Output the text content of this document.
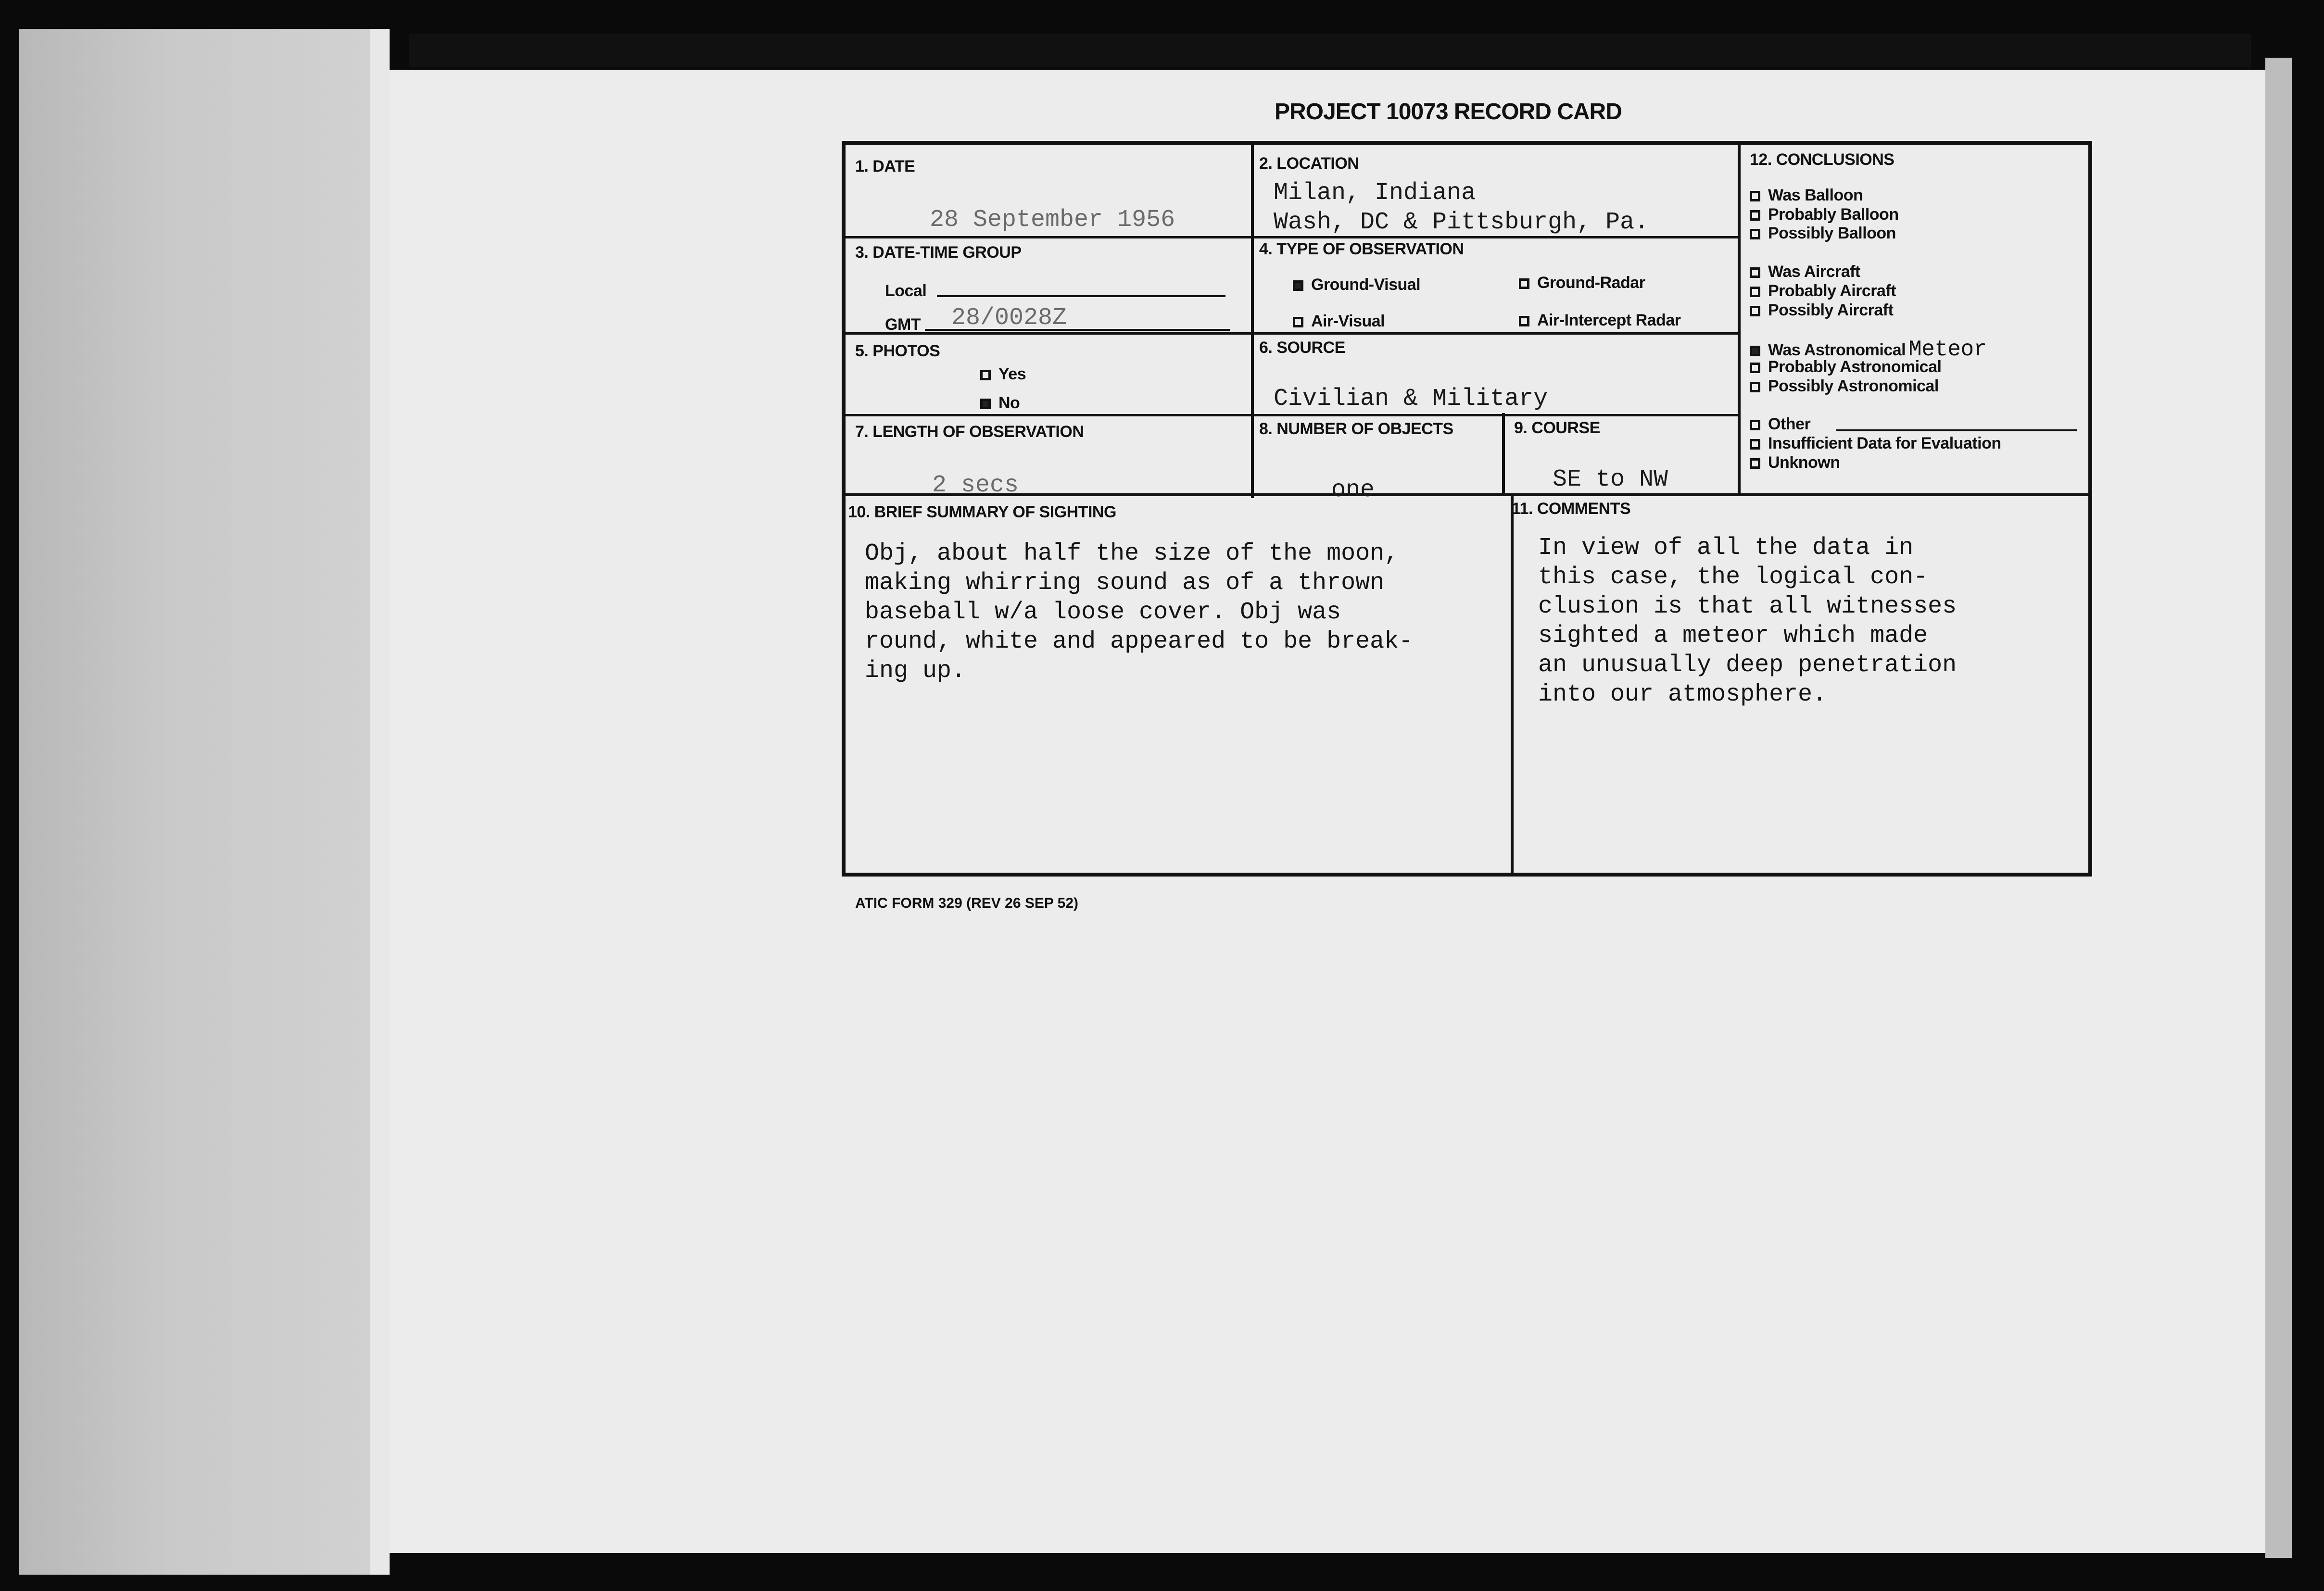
PROJECT 10073 RECORD CARD
1. DATE
28 September 1956
2. LOCATION
Milan, Indiana
Wash, DC & Pittsburgh, Pa.
3. DATE-TIME GROUP
Local
GMT 28/0028Z
4. TYPE OF OBSERVATION
Ground-Visual	Ground-Radar
Air-Visual	Air-Intercept Radar
5. PHOTOS
Yes
No
6. SOURCE
Civilian & Military
7. LENGTH OF OBSERVATION
2 secs
8. NUMBER OF OBJECTS
one
9. COURSE
SE to NW
10. BRIEF SUMMARY OF SIGHTING
Obj, about half the size of the moon,
making whirring sound as of a thrown
baseball w/a loose cover. Obj was
round, white and appeared to be break-
ing up.
11. COMMENTS
In view of all the data in
this case, the logical con-
clusion is that all witnesses
sighted a meteor which made
an unusually deep penetration
into our atmosphere.
12. CONCLUSIONS
Was Balloon
Probably Balloon
Possibly Balloon
Was Aircraft
Probably Aircraft
Possibly Aircraft
Was Astronomical Meteor
Probably Astronomical
Possibly Astronomical
Other
Insufficient Data for Evaluation
Unknown
ATIC FORM 329 (REV 26 SEP 52)
